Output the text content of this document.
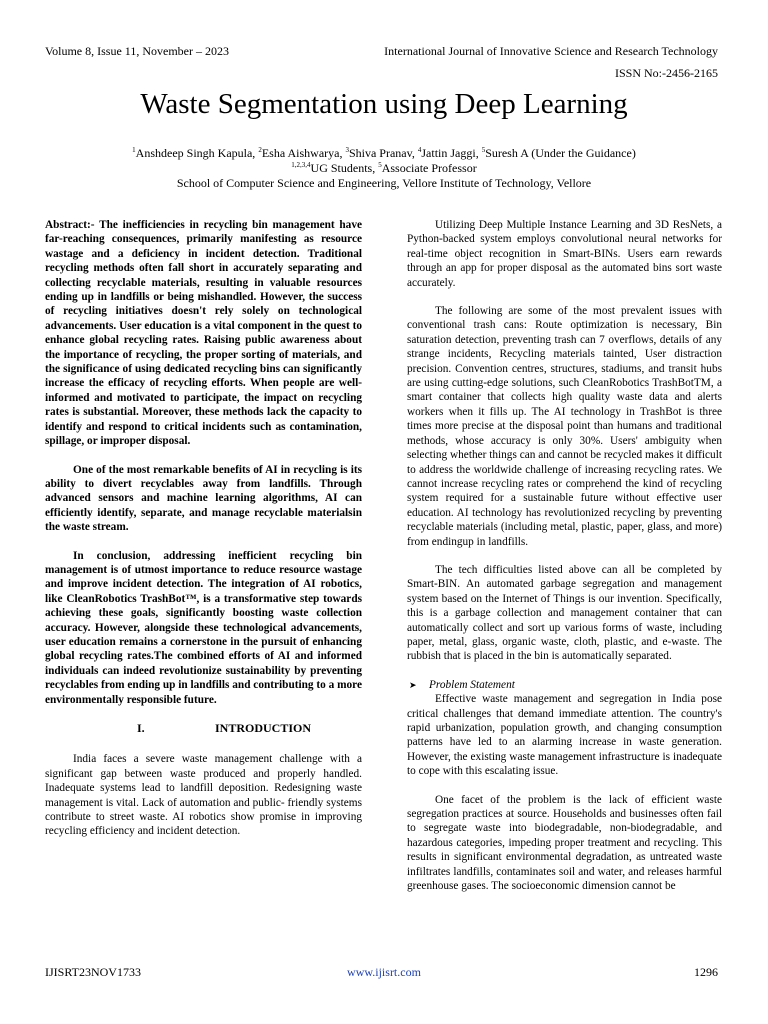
Volume 8, Issue 11, November – 2023	International Journal of Innovative Science and Research Technology
ISSN No:-2456-2165
Waste Segmentation using Deep Learning
$^1$Anshdeep Singh Kapula, $^2$Esha Aishwarya, $^3$Shiva Pranav, $^4$Jattin Jaggi, $^5$Suresh A (Under the Guidance)
$^{1,2,3,4}$UG Students, $^5$Associate Professor
School of Computer Science and Engineering, Vellore Institute of Technology, Vellore

Abstract:- The inefficiencies in recycling bin management have far-reaching consequences, primarily manifesting as resource wastage and a deficiency in incident detection. Traditional recycling methods often fall short in accurately separating and collecting recyclable materials, resulting in valuable resources ending up in landfills or being mishandled. However, the success of recycling initiatives doesn't rely solely on technological advancements. User education is a vital component in the quest to enhance global recycling rates. Raising public awareness about the importance of recycling, the proper sorting of materials, and the significance of using dedicated recycling bins can significantly increase the efficacy of recycling efforts. When people are well-informed and motivated to participate, the impact on recycling rates is substantial. Moreover, these methods lack the capacity to identify and respond to critical incidents such as contamination, spillage, or improper disposal.

One of the most remarkable benefits of AI in recycling is its ability to divert recyclables away from landfills. Through advanced sensors and machine learning algorithms, AI can efficiently identify, separate, and manage recyclable materialsin the waste stream.

In conclusion, addressing inefficient recycling bin management is of utmost importance to reduce resource wastage and improve incident detection. The integration of AI robotics, like CleanRobotics TrashBot™, is a transformative step towards achieving these goals, significantly boosting waste collection accuracy. However, alongside these technological advancements, user education remains a cornerstone in the pursuit of enhancing global recycling rates.The combined efforts of AI and informed individuals can indeed revolutionize sustainability by preventing recyclables from ending up in landfills and contributing to a more environmentally responsible future.

I.	INTRODUCTION

India faces a severe waste management challenge with a significant gap between waste produced and properly handled. Inadequate systems lead to landfill deposition. Redesigning waste management is vital. Lack of automation and public- friendly systems contribute to street waste. AI robotics show promise in improving recycling efficiency and incident detection.

Utilizing Deep Multiple Instance Learning and 3D ResNets, a Python-backed system employs convolutional neural networks for real-time object recognition in Smart-BINs. Users earn rewards through an app for proper disposal as the automated bins sort waste accurately.

The following are some of the most prevalent issues with conventional trash cans: Route optimization is necessary, Bin saturation detection, preventing trash can 7 overflows, details of any strange incidents, Recycling materials tainted, User distraction precision. Convention centres, structures, stadiums, and transit hubs are using cutting-edge solutions, such CleanRobotics TrashBotTM, a smart container that collects high quality waste data and alerts workers when it fills up. The AI technology in TrashBot is three times more precise at the disposal point than humans and traditional methods, whose accuracy is only 30%. Users' ambiguity when selecting whether things can and cannot be recycled makes it difficult to address the worldwide challenge of increasing recycling rates. We cannot increase recycling rates or comprehend the kind of recycling system required for a sustainable future without effective user education. AI technology has revolutionized recycling by preventing recyclable materials (including metal, plastic, paper, glass, and more) from endingup in landfills.

The tech difficulties listed above can all be completed by Smart-BIN. An automated garbage segregation and management system based on the Internet of Things is our invention. Specifically, this is a garbage collection and management container that can automatically collect and sort up various forms of waste, including paper, metal, glass, organic waste, cloth, plastic, and e-waste. The rubbish that is placed in the bin is automatically separated.

➤	Problem Statement

Effective waste management and segregation in India pose critical challenges that demand immediate attention. The country's rapid urbanization, population growth, and changing consumption patterns have led to an alarming increase in waste generation. However, the existing waste management infrastructure is inadequate to cope with this escalating issue.

One facet of the problem is the lack of efficient waste segregation practices at source. Households and businesses often fail to segregate waste into biodegradable, non-biodegradable, and hazardous categories, impeding proper treatment and recycling. This results in significant environmental degradation, as untreated waste infiltrates landfills, contaminates soil and water, and releases harmful greenhouse gases. The socioeconomic dimension cannot be

IJISRT23NOV1733	www.ijisrt.com	1296
